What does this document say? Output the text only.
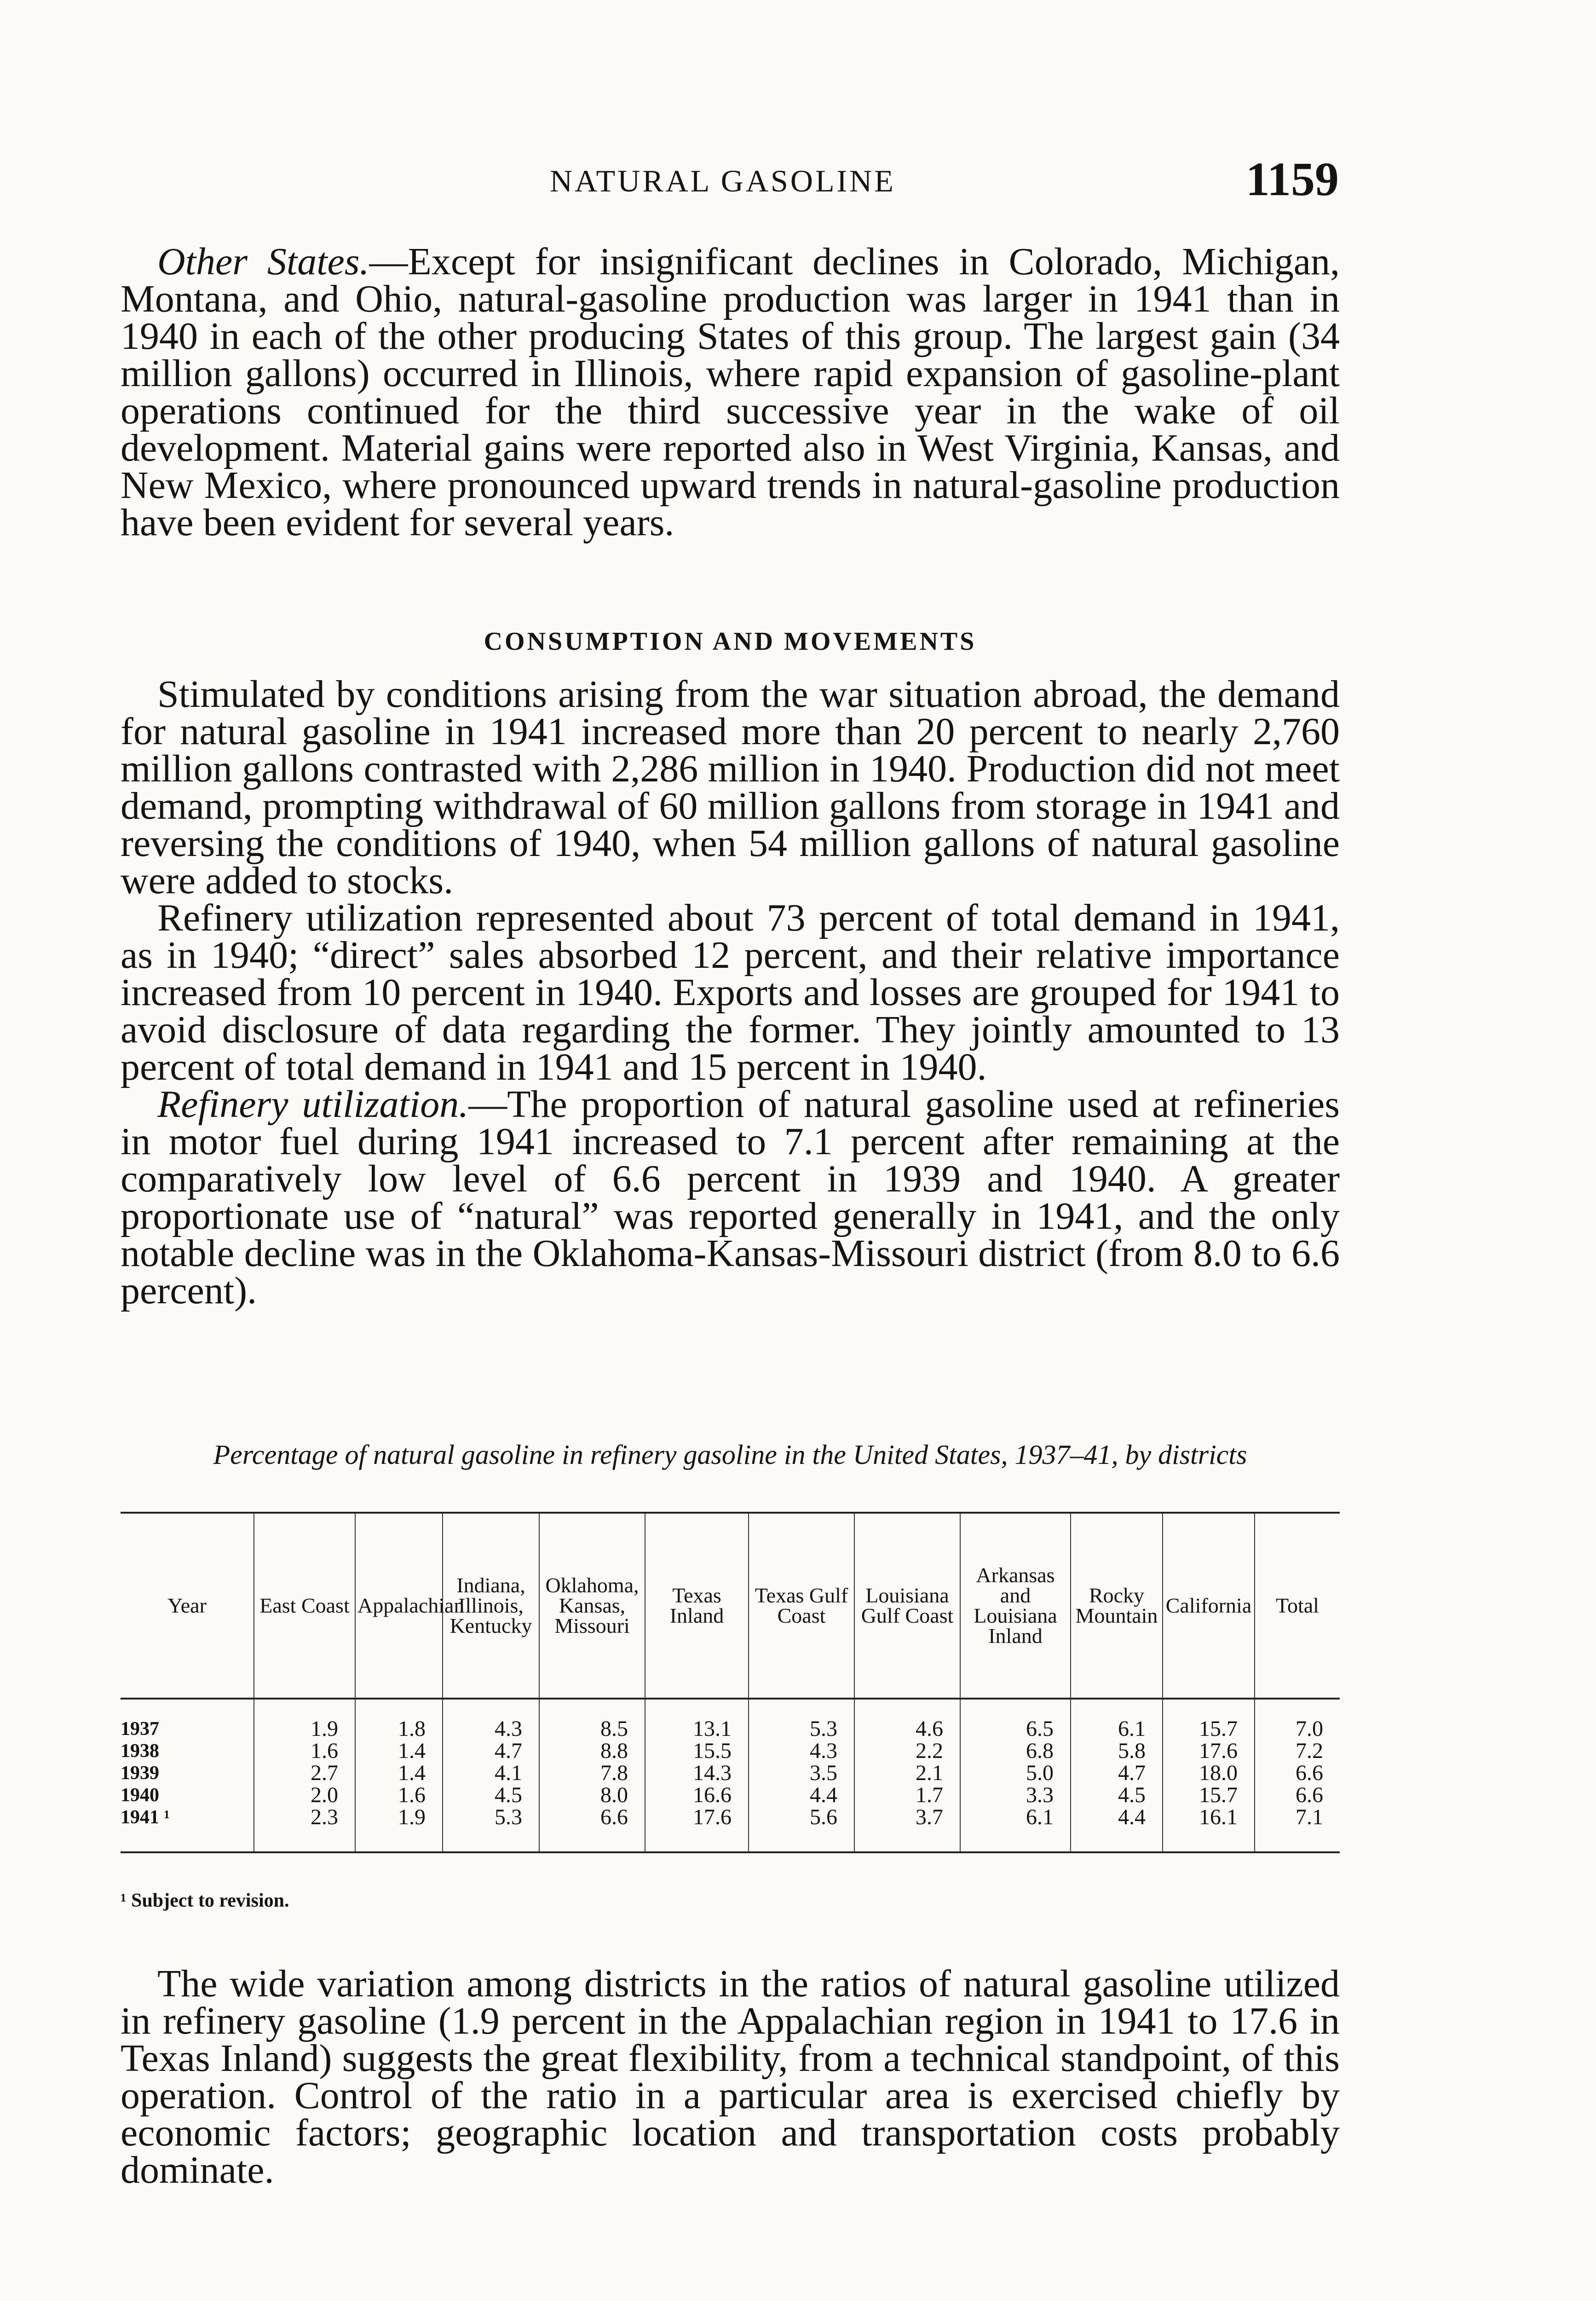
NATURAL GASOLINE	1159

Other States.—Except for insignificant declines in Colorado, Michigan, Montana, and Ohio, natural-gasoline production was larger in 1941 than in 1940 in each of the other producing States of this group. The largest gain (34 million gallons) occurred in Illinois, where rapid expansion of gasoline-plant operations continued for the third successive year in the wake of oil development. Material gains were reported also in West Virginia, Kansas, and New Mexico, where pronounced upward trends in natural-gasoline production have been evident for several years.

CONSUMPTION AND MOVEMENTS

Stimulated by conditions arising from the war situation abroad, the demand for natural gasoline in 1941 increased more than 20 percent to nearly 2,760 million gallons contrasted with 2,286 million in 1940. Production did not meet demand, prompting withdrawal of 60 million gallons from storage in 1941 and reversing the conditions of 1940, when 54 million gallons of natural gasoline were added to stocks.

Refinery utilization represented about 73 percent of total demand in 1941, as in 1940; “direct” sales absorbed 12 percent, and their relative importance increased from 10 percent in 1940. Exports and losses are grouped for 1941 to avoid disclosure of data regarding the former. They jointly amounted to 13 percent of total demand in 1941 and 15 percent in 1940.

Refinery utilization.—The proportion of natural gasoline used at refineries in motor fuel during 1941 increased to 7.1 percent after remaining at the comparatively low level of 6.6 percent in 1939 and 1940. A greater proportionate use of “natural” was reported generally in 1941, and the only notable decline was in the Oklahoma-Kansas-Missouri district (from 8.0 to 6.6 percent).

Percentage of natural gasoline in refinery gasoline in the United States, 1937–41, by districts
Year	East Coast	Appalachian	Indiana, Illinois, Kentucky	Oklahoma, Kansas, Missouri	Texas Inland	Texas Gulf Coast	Louisiana Gulf Coast	Arkansas and Louisiana Inland	Rocky Mountain	California	Total
1937	1.9	1.8	4.3	8.5	13.1	5.3	4.6	6.5	6.1	15.7	7.0
1938	1.6	1.4	4.7	8.8	15.5	4.3	2.2	6.8	5.8	17.6	7.2
1939	2.7	1.4	4.1	7.8	14.3	3.5	2.1	5.0	4.7	18.0	6.6
1940	2.0	1.6	4.5	8.0	16.6	4.4	1.7	3.3	4.5	15.7	6.6
1941 ¹	2.3	1.9	5.3	6.6	17.6	5.6	3.7	6.1	4.4	16.1	7.1
¹ Subject to revision.

The wide variation among districts in the ratios of natural gasoline utilized in refinery gasoline (1.9 percent in the Appalachian region in 1941 to 17.6 in Texas Inland) suggests the great flexibility, from a technical standpoint, of this operation. Control of the ratio in a particular area is exercised chiefly by economic factors; geographic location and transportation costs probably dominate.
